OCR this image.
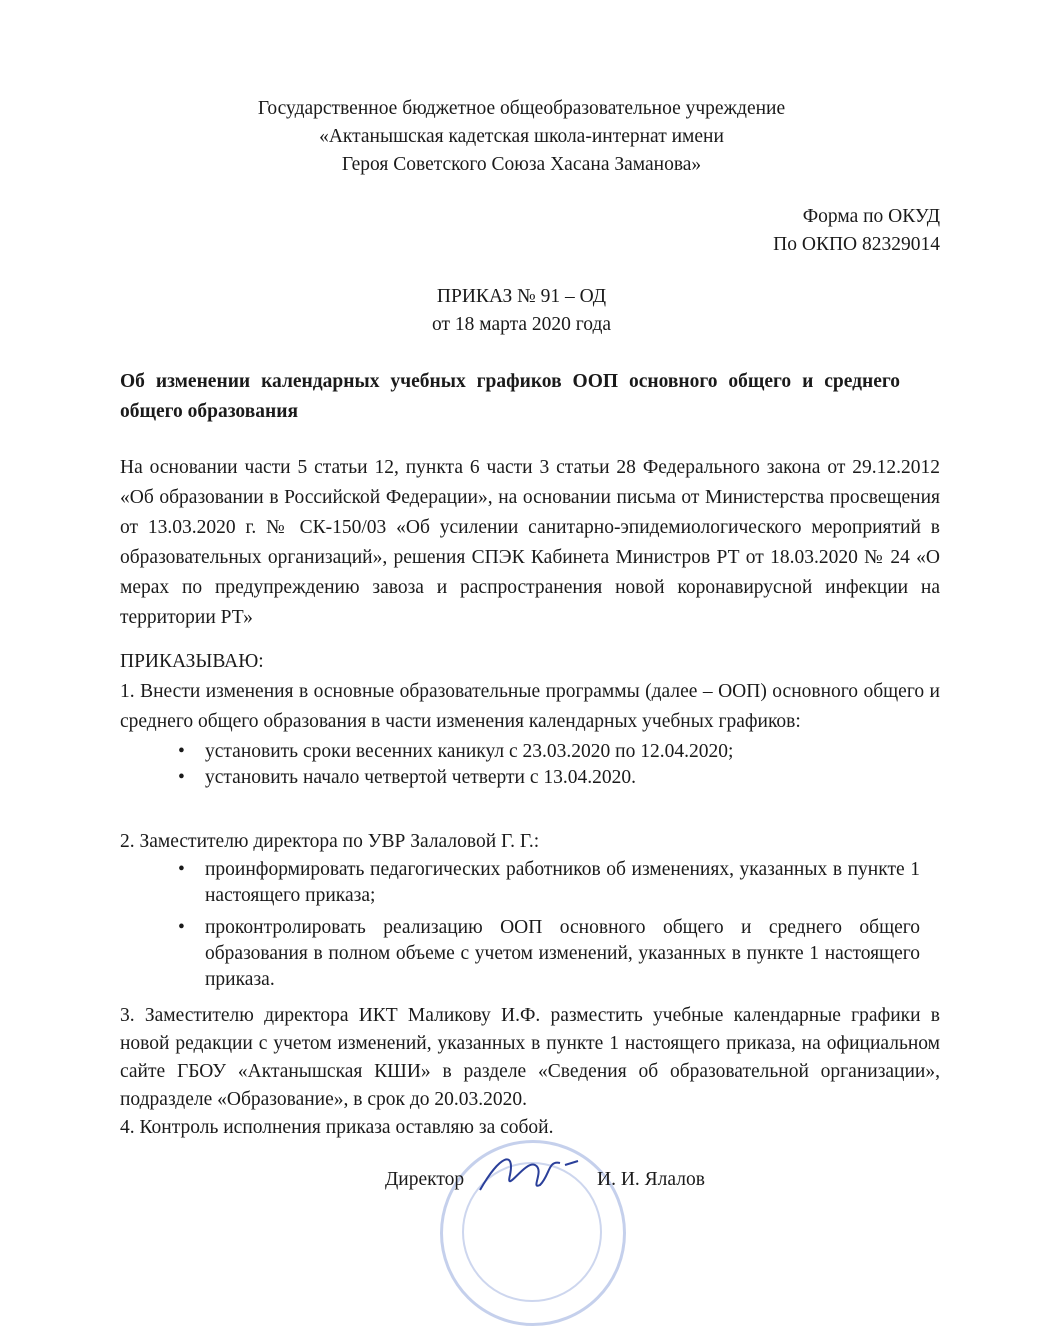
Государственное бюджетное общеобразовательное учреждение
«Актанышская кадетская школа-интернат имени
Героя Советского Союза Хасана Заманова»
Форма по ОКУД
По ОКПО 82329014
ПРИКАЗ № 91 – ОД
от 18 марта 2020 года
Об изменении календарных учебных графиков ООП основного общего и среднего общего образования
На основании части 5 статьи 12, пункта 6 части 3 статьи 28 Федерального закона от 29.12.2012 «Об образовании в Российской Федерации», на основании письма от Министерства просвещения от 13.03.2020 г. № СК-150/03 «Об усилении санитарно-эпидемиологического мероприятий в образовательных организаций», решения СПЭК Кабинета Министров РТ от 18.03.2020 № 24 «О мерах по предупреждению завоза и распространения новой коронавирусной инфекции на территории РТ»
ПРИКАЗЫВАЮ:
1. Внести изменения в основные образовательные программы (далее – ООП) основного общего и среднего общего образования в части изменения календарных учебных графиков:
• установить сроки весенних каникул с 23.03.2020 по 12.04.2020;
• установить начало четвертой четверти с 13.04.2020.
2. Заместителю директора по УВР Залаловой Г. Г.:
• проинформировать педагогических работников об изменениях, указанных в пункте 1 настоящего приказа;
• проконтролировать реализацию ООП основного общего и среднего общего образования в полном объеме с учетом изменений, указанных в пункте 1 настоящего приказа.
3. Заместителю директора ИКТ Маликову И.Ф. разместить учебные календарные графики в новой редакции с учетом изменений, указанных в пункте 1 настоящего приказа, на официальном сайте ГБОУ «Актанышская КШИ» в разделе «Сведения об образовательной организации», подразделе «Образование», в срок до 20.03.2020.
4. Контроль исполнения приказа оставляю за собой.
Директор	И. И. Ялалов
